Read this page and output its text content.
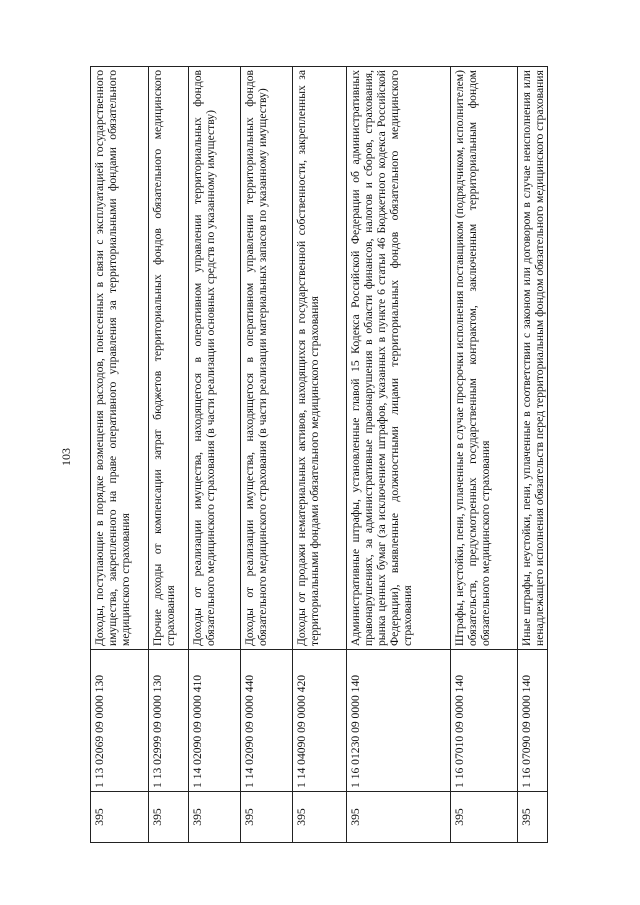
103
395	1 13 02069 09 0000 130	Доходы, поступающие в порядке возмещения расходов, понесенных в связи с эксплуатацией государственного имущества, закрепленного на праве оперативного управления за территориальными фондами обязательного медицинского страхования
395	1 13 02999 09 0000 130	Прочие доходы от компенсации затрат бюджетов территориальных фондов обязательного медицинского страхования
395	1 14 02090 09 0000 410	Доходы от реализации имущества, находящегося в оперативном управлении территориальных фондов обязательного медицинского страхования (в части реализации основных средств по указанному имуществу)
395	1 14 02090 09 0000 440	Доходы от реализации имущества, находящегося в оперативном управлении территориальных фондов обязательного медицинского страхования (в части реализации материальных запасов по указанному имуществу)
395	1 14 04090 09 0000 420	Доходы от продажи нематериальных активов, находящихся в государственной собственности, закрепленных за территориальными фондами обязательного медицинского страхования
395	1 16 01230 09 0000 140	Административные штрафы, установленные главой 15 Кодекса Российской Федерации об административных правонарушениях, за административные правонарушения в области финансов, налогов и сборов, страхования, рынка ценных бумаг (за исключением штрафов, указанных в пункте 6 статьи 46 Бюджетного кодекса Российской Федерации), выявленные должностными лицами территориальных фондов обязательного медицинского страхования
395	1 16 07010 09 0000 140	Штрафы, неустойки, пени, уплаченные в случае просрочки исполнения поставщиком (подрядчиком, исполнителем) обязательств, предусмотренных государственным контрактом, заключенным территориальным фондом обязательного медицинского страхования
395	1 16 07090 09 0000 140	Иные штрафы, неустойки, пени, уплаченные в соответствии с законом или договором в случае неисполнения или ненадлежащего исполнения обязательств перед территориальным фондом обязательного медицинского страхования
